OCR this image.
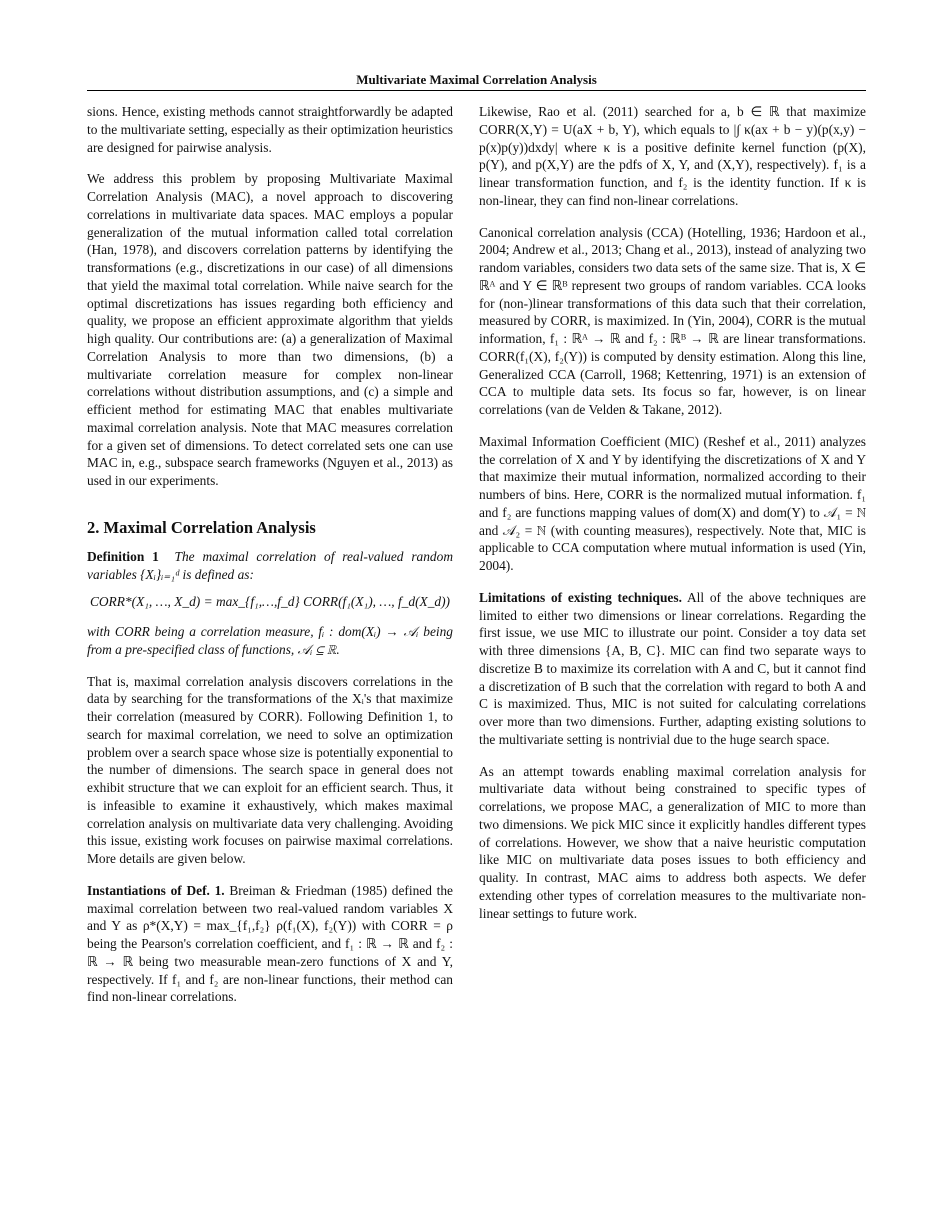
Multivariate Maximal Correlation Analysis

sions. Hence, existing methods cannot straightforwardly be adapted to the multivariate setting, especially as their optimization heuristics are designed for pairwise analysis.

We address this problem by proposing Multivariate Maximal Correlation Analysis (MAC), a novel approach to discovering correlations in multivariate data spaces. MAC employs a popular generalization of the mutual information called total correlation (Han, 1978), and discovers correlation patterns by identifying the transformations (e.g., discretizations in our case) of all dimensions that yield the maximal total correlation. While naive search for the optimal discretizations has issues regarding both efficiency and quality, we propose an efficient approximate algorithm that yields high quality. Our contributions are: (a) a generalization of Maximal Correlation Analysis to more than two dimensions, (b) a multivariate correlation measure for complex non-linear correlations without distribution assumptions, and (c) a simple and efficient method for estimating MAC that enables multivariate maximal correlation analysis. Note that MAC measures correlation for a given set of dimensions. To detect correlated sets one can use MAC in, e.g., subspace search frameworks (Nguyen et al., 2013) as used in our experiments.

2. Maximal Correlation Analysis

Definition 1 The maximal correlation of real-valued random variables {Xᵢ}ᵢ₌₁ᵈ is defined as:

CORR*(X₁, …, X_d) = max_{f₁,…,f_d} CORR(f₁(X₁), …, f_d(X_d))

with CORR being a correlation measure, fᵢ : dom(Xᵢ) → 𝒜ᵢ being from a pre-specified class of functions, 𝒜ᵢ ⊆ ℝ.

That is, maximal correlation analysis discovers correlations in the data by searching for the transformations of the Xᵢ's that maximize their correlation (measured by CORR). Following Definition 1, to search for maximal correlation, we need to solve an optimization problem over a search space whose size is potentially exponential to the number of dimensions. The search space in general does not exhibit structure that we can exploit for an efficient search. Thus, it is infeasible to examine it exhaustively, which makes maximal correlation analysis on multivariate data very challenging. Avoiding this issue, existing work focuses on pairwise maximal correlations. More details are given below.

Instantiations of Def. 1. Breiman & Friedman (1985) defined the maximal correlation between two real-valued random variables X and Y as ρ*(X,Y) = max_{f₁,f₂} ρ(f₁(X), f₂(Y)) with CORR = ρ being the Pearson's correlation coefficient, and f₁ : ℝ → ℝ and f₂ : ℝ → ℝ being two measurable mean-zero functions of X and Y, respectively. If f₁ and f₂ are non-linear functions, their method can find non-linear correlations.

Likewise, Rao et al. (2011) searched for a, b ∈ ℝ that maximize CORR(X,Y) = U(aX + b, Y), which equals to |∫ κ(ax + b − y)(p(x,y) − p(x)p(y))dxdy| where κ is a positive definite kernel function (p(X), p(Y), and p(X,Y) are the pdfs of X, Y, and (X,Y), respectively). f₁ is a linear transformation function, and f₂ is the identity function. If κ is non-linear, they can find non-linear correlations.

Canonical correlation analysis (CCA) (Hotelling, 1936; Hardoon et al., 2004; Andrew et al., 2013; Chang et al., 2013), instead of analyzing two random variables, considers two data sets of the same size. That is, X ∈ ℝᴬ and Y ∈ ℝᴮ represent two groups of random variables. CCA looks for (non-)linear transformations of this data such that their correlation, measured by CORR, is maximized. In (Yin, 2004), CORR is the mutual information, f₁ : ℝᴬ → ℝ and f₂ : ℝᴮ → ℝ are linear transformations. CORR(f₁(X), f₂(Y)) is computed by density estimation. Along this line, Generalized CCA (Carroll, 1968; Kettenring, 1971) is an extension of CCA to multiple data sets. Its focus so far, however, is on linear correlations (van de Velden & Takane, 2012).

Maximal Information Coefficient (MIC) (Reshef et al., 2011) analyzes the correlation of X and Y by identifying the discretizations of X and Y that maximize their mutual information, normalized according to their numbers of bins. Here, CORR is the normalized mutual information. f₁ and f₂ are functions mapping values of dom(X) and dom(Y) to 𝒜₁ = ℕ and 𝒜₂ = ℕ (with counting measures), respectively. Note that, MIC is applicable to CCA computation where mutual information is used (Yin, 2004).

Limitations of existing techniques. All of the above techniques are limited to either two dimensions or linear correlations. Regarding the first issue, we use MIC to illustrate our point. Consider a toy data set with three dimensions {A, B, C}. MIC can find two separate ways to discretize B to maximize its correlation with A and C, but it cannot find a discretization of B such that the correlation with regard to both A and C is maximized. Thus, MIC is not suited for calculating correlations over more than two dimensions. Further, adapting existing solutions to the multivariate setting is nontrivial due to the huge search space.

As an attempt towards enabling maximal correlation analysis for multivariate data without being constrained to specific types of correlations, we propose MAC, a generalization of MIC to more than two dimensions. We pick MIC since it explicitly handles different types of correlations. However, we show that a naive heuristic computation like MIC on multivariate data poses issues to both efficiency and quality. In contrast, MAC aims to address both aspects. We defer extending other types of correlation measures to the multivariate non-linear settings to future work.
